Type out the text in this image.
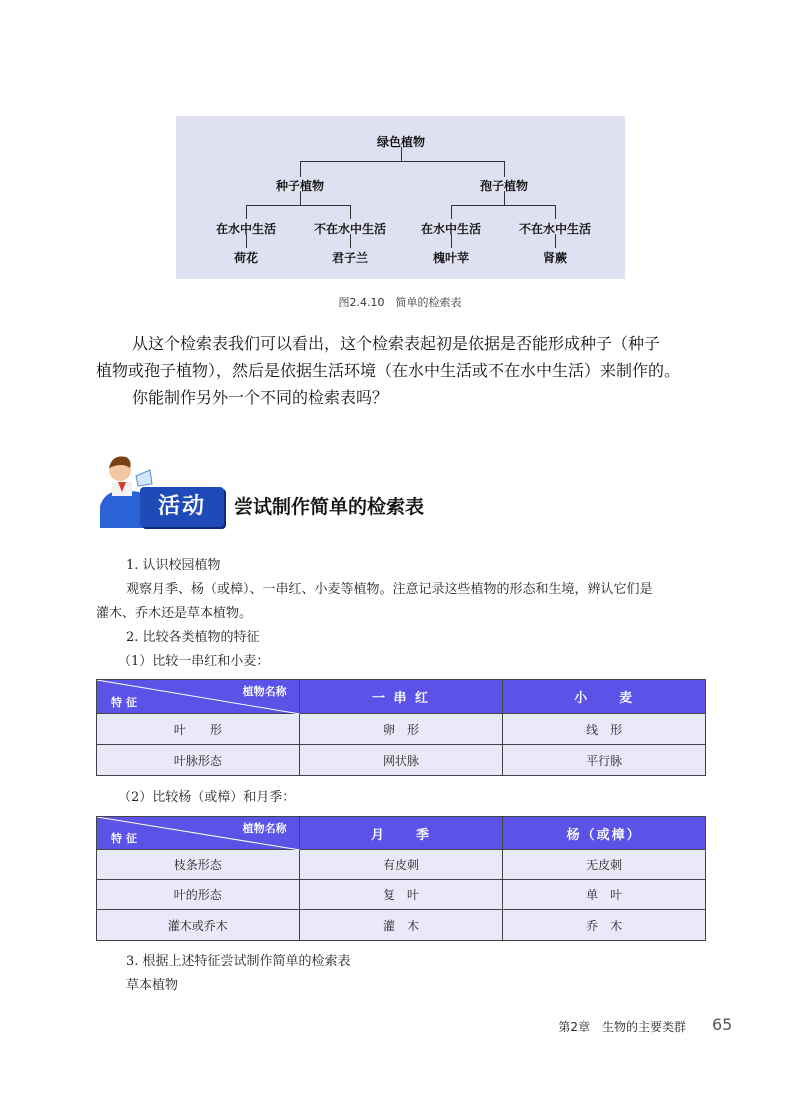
绿色植物
种子植物	孢子植物
在水中生活	不在水中生活	在水中生活	不在水中生活
荷花	君子兰	槐叶苹	肾蕨
图2.4.10　简单的检索表

从这个检索表我们可以看出，这个检索表起初是依据是否能形成种子（种子

植物或孢子植物），然后是依据生活环境（在水中生活或不在水中生活）来制作的。

你能制作另外一个不同的检索表吗？

活动	尝试制作简单的检索表

1. 认识校园植物

观察月季、杨（或樟）、一串红、小麦等植物。注意记录这些植物的形态和生境，辨认它们是

灌木、乔木还是草本植物。

2. 比较各类植物的特征

（1）比较一串红和小麦：

植物名称
特征	一 串 红	小　　麦
叶　　形	卵　形	线　形
叶脉形态	网状脉	平行脉

（2）比较杨（或樟）和月季：

植物名称
特征	月　　季	杨（或樟）
枝条形态	有皮刺	无皮刺
叶的形态	复　叶	单　叶
灌木或乔木	灌　木	乔　木

3. 根据上述特征尝试制作简单的检索表

草本植物

第2章　生物的主要类群 65
